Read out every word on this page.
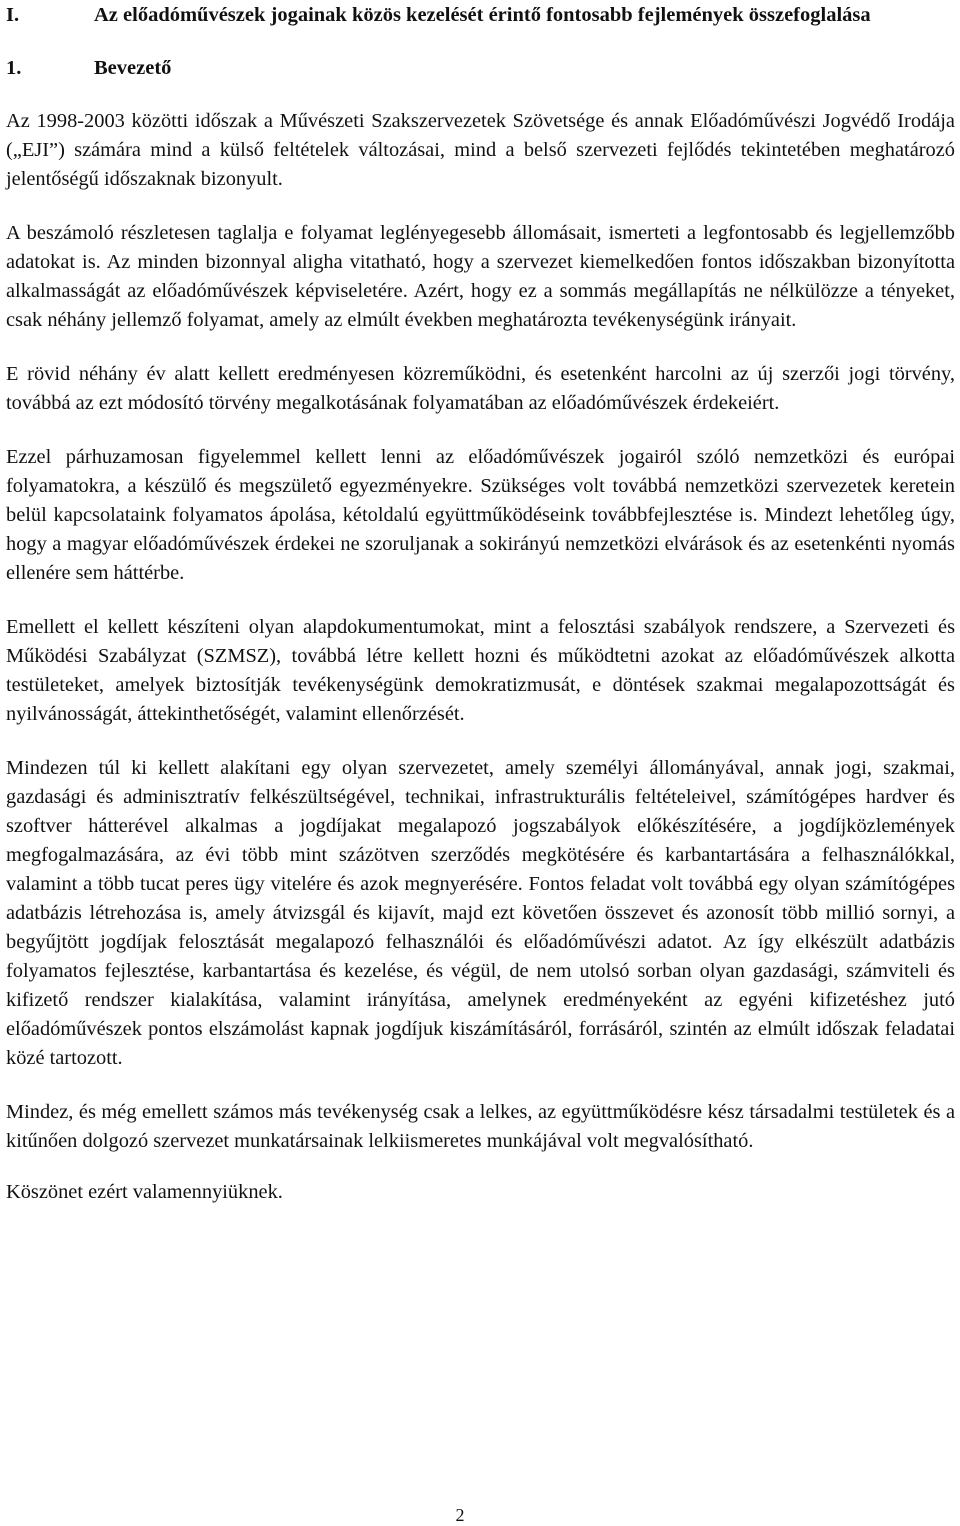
I.	Az előadóművészek jogainak közös kezelését érintő fontosabb fejlemények összefoglalása
1.	Bevezető

Az 1998-2003 közötti időszak a Művészeti Szakszervezetek Szövetsége és annak Előadóművészi Jogvédő Irodája („EJI”) számára mind a külső feltételek változásai, mind a belső szervezeti fejlődés tekintetében meghatározó jelentőségű időszaknak bizonyult.

A beszámoló részletesen taglalja e folyamat leglényegesebb állomásait, ismerteti a legfontosabb és legjellemzőbb adatokat is. Az minden bizonnyal aligha vitatható, hogy a szervezet kiemelkedően fontos időszakban bizonyította alkalmasságát az előadóművészek képviseletére. Azért, hogy ez a sommás megállapítás ne nélkülözze a tényeket, csak néhány jellemző folyamat, amely az elmúlt években meghatározta tevékenységünk irányait.

E rövid néhány év alatt kellett eredményesen közreműködni, és esetenként harcolni az új szerzői jogi törvény, továbbá az ezt módosító törvény megalkotásának folyamatában az előadóművészek érdekeiért.

Ezzel párhuzamosan figyelemmel kellett lenni az előadóművészek jogairól szóló nemzetközi és európai folyamatokra, a készülő és megszülető egyezményekre. Szükséges volt továbbá nemzetközi szervezetek keretein belül kapcsolataink folyamatos ápolása, kétoldalú együttműködéseink továbbfejlesztése is. Mindezt lehetőleg úgy, hogy a magyar előadóművészek érdekei ne szoruljanak a sokirányú nemzetközi elvárások és az esetenkénti nyomás ellenére sem háttérbe.

Emellett el kellett készíteni olyan alapdokumentumokat, mint a felosztási szabályok rendszere, a Szervezeti és Működési Szabályzat (SZMSZ), továbbá létre kellett hozni és működtetni azokat az előadóművészek alkotta testületeket, amelyek biztosítják tevékenységünk demokratizmusát, e döntések szakmai megalapozottságát és nyilvánosságát, áttekinthetőségét, valamint ellenőrzését.

Mindezen túl ki kellett alakítani egy olyan szervezetet, amely személyi állományával, annak jogi, szakmai, gazdasági és adminisztratív felkészültségével, technikai, infrastrukturális feltételeivel, számítógépes hardver és szoftver hátterével alkalmas a jogdíjakat megalapozó jogszabályok előkészítésére, a jogdíjközlemények megfogalmazására, az évi több mint százötven szerződés megkötésére és karbantartására a felhasználókkal, valamint a több tucat peres ügy vitelére és azok megnyerésére. Fontos feladat volt továbbá egy olyan számítógépes adatbázis létrehozása is, amely átvizsgál és kijavít, majd ezt követően összevet és azonosít több millió sornyi, a begyűjtött jogdíjak felosztását megalapozó felhasználói és előadóművészi adatot. Az így elkészült adatbázis folyamatos fejlesztése, karbantartása és kezelése, és végül, de nem utolsó sorban olyan gazdasági, számviteli és kifizető rendszer kialakítása, valamint irányítása, amelynek eredményeként az egyéni kifizetéshez jutó előadóművészek pontos elszámolást kapnak jogdíjuk kiszámításáról, forrásáról, szintén az elmúlt időszak feladatai közé tartozott.

Mindez, és még emellett számos más tevékenység csak a lelkes, az együttműködésre kész társadalmi testületek és a kitűnően dolgozó szervezet munkatársainak lelkiismeretes munkájával volt megvalósítható.

Köszönet ezért valamennyiüknek.

2
